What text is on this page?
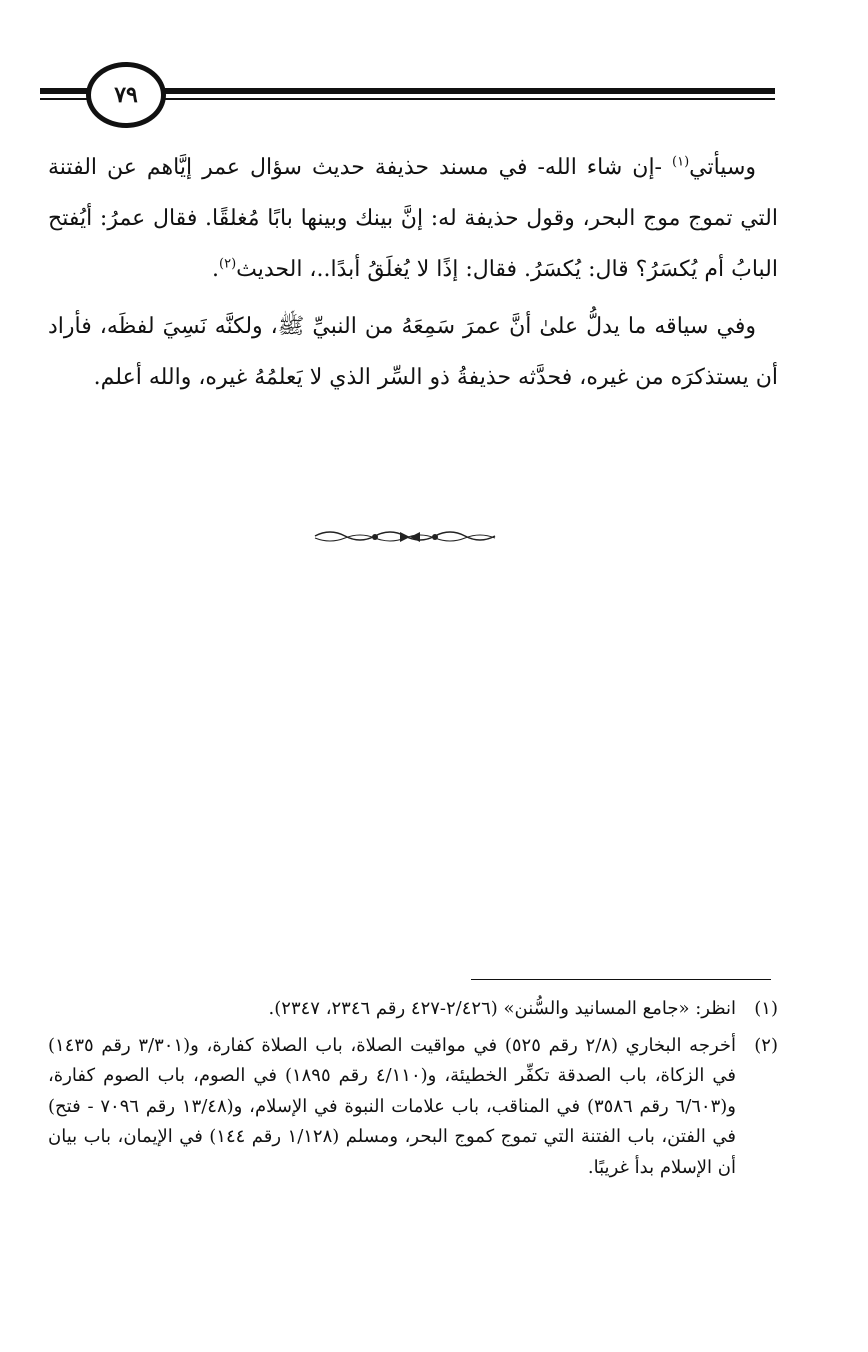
٧٩

وسيأتي$^{(١)}$ -إن شاء الله- في مسند حذيفة حديث سؤال عمر إيَّاهم عن الفتنة التي تموج موج البحر، وقول حذيفة له: إنَّ بينك وبينها بابًا مُغلقًا. فقال عمرُ: أيُفتح البابُ أم يُكسَرُ؟ قال: يُكسَرُ. فقال: إذًا لا يُغلَقُ أبدًا..، الحديث$^{(٢)}$.

وفي سياقه ما يدلُّ علىٰ أنَّ عمرَ سَمِعَهُ من النبيِّ ﷺ، ولكنَّه نَسِيَ لفظَه، فأراد أن يستذكرَه من غيره، فحدَّثه حذيفةُ ذو السِّر الذي لا يَعلمُهُ غيره، والله أعلم.

(١)
انظر: «جامع المسانيد والسُّنن» (٢/٤٢٦-٤٢٧ رقم ٢٣٤٦، ٢٣٤٧).
(٢)
أخرجه البخاري (٢/٨ رقم ٥٢٥) في مواقيت الصلاة، باب الصلاة كفارة، و(٣/٣٠١ رقم ١٤٣٥) في الزكاة، باب الصدقة تكفِّر الخطيئة، و(٤/١١٠ رقم ١٨٩٥) في الصوم، باب الصوم كفارة، و(٦/٦٠٣ رقم ٣٥٨٦) في المناقب، باب علامات النبوة في الإسلام، و(١٣/٤٨ رقم ٧٠٩٦ - فتح) في الفتن، باب الفتنة التي تموج كموج البحر، ومسلم (١/١٢٨ رقم ١٤٤) في الإيمان، باب بيان أن الإسلام بدأ غريبًا.
